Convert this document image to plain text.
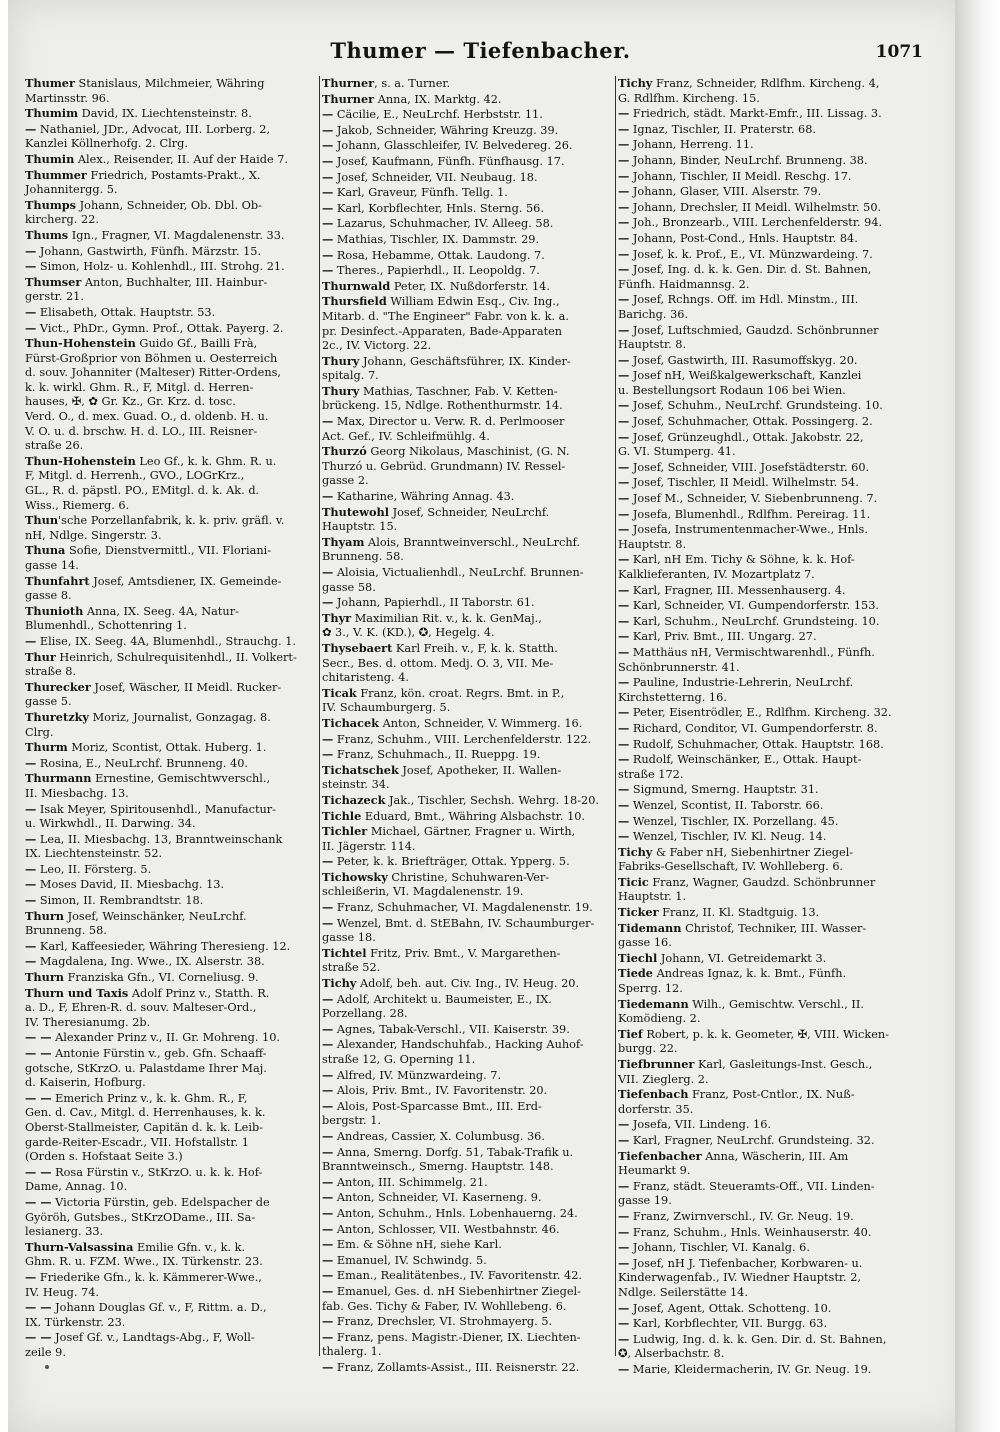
Thumer — Tiefenbacher.	1071
Thumer Stanislaus, Milchmeier, Währing
Martinsstr. 96.
Thumim David, IX. Liechtensteinstr. 8.
— Nathaniel, JDr., Advocat, III. Lorberg. 2,
Kanzlei Köllnerhofg. 2. Clrg.
Thumin Alex., Reisender, II. Auf der Haide 7.
Thummer Friedrich, Postamts-Prakt., X.
Johannitergg. 5.
Thumps Johann, Schneider, Ob. Dbl. Ob-
kircherg. 22.
Thums Ign., Fragner, VI. Magdalenenstr. 33.
— Johann, Gastwirth, Fünfh. Märzstr. 15.
— Simon, Holz- u. Kohlenhdl., III. Strohg. 21.
Thumser Anton, Buchhalter, III. Hainbur-
gerstr. 21.
— Elisabeth, Ottak. Hauptstr. 53.
— Vict., PhDr., Gymn. Prof., Ottak. Payerg. 2.
Thun-Hohenstein Guido Gf., Bailli Frà,
Fürst-Großprior von Böhmen u. Oesterreich
d. souv. Johanniter (Malteser) Ritter-Ordens,
k. k. wirkl. Ghm. R., F, Mitgl. d. Herren-
hauses, ✠, ✿ Gr. Kz., Gr. Krz. d. tosc.
Verd. O., d. mex. Guad. O., d. oldenb. H. u.
V. O. u. d. brschw. H. d. LO., III. Reisner-
straße 26.
Thun-Hohenstein Leo Gf., k. k. Ghm. R. u.
F, Mitgl. d. Herrenh., GVO., LOGrKrz.,
GL., R. d. päpstl. PO., EMitgl. d. k. Ak. d.
Wiss., Riemerg. 6.
Thun'sche Porzellanfabrik, k. k. priv. gräfl. v.
nH, Ndlge. Singerstr. 3.
Thuna Sofie, Dienstvermittl., VII. Floriani-
gasse 14.
Thunfahrt Josef, Amtsdiener, IX. Gemeinde-
gasse 8.
Thunioth Anna, IX. Seeg. 4A, Natur-
Blumenhdl., Schottenring 1.
— Elise, IX. Seeg. 4A, Blumenhdl., Strauchg. 1.
Thur Heinrich, Schulrequisitenhdl., II. Volkert-
straße 8.
Thurecker Josef, Wäscher, II Meidl. Rucker-
gasse 5.
Thuretzky Moriz, Journalist, Gonzagag. 8.
Clrg.
Thurm Moriz, Scontist, Ottak. Huberg. 1.
— Rosina, E., NeuLrchf. Brunneng. 40.
Thurmann Ernestine, Gemischtwverschl.,
II. Miesbachg. 13.
— Isak Meyer, Spiritousenhdl., Manufactur-
u. Wirkwhdl., II. Darwing. 34.
— Lea, II. Miesbachg. 13, Branntweinschank
IX. Liechtensteinstr. 52.
— Leo, II. Försterg. 5.
— Moses David, II. Miesbachg. 13.
— Simon, II. Rembrandtstr. 18.
Thurn Josef, Weinschänker, NeuLrchf.
Brunneng. 58.
— Karl, Kaffeesieder, Währing Theresieng. 12.
— Magdalena, Ing. Wwe., IX. Alserstr. 38.
Thurn Franziska Gfn., VI. Corneliusg. 9.
Thurn und Taxis Adolf Prinz v., Statth. R.
a. D., F, Ehren-R. d. souv. Malteser-Ord.,
IV. Theresianumg. 2b.
— — Alexander Prinz v., II. Gr. Mohreng. 10.
— — Antonie Fürstin v., geb. Gfn. Schaaff-
gotsche, StKrzO. u. Palastdame Ihrer Maj.
d. Kaiserin, Hofburg.
— — Emerich Prinz v., k. k. Ghm. R., F,
Gen. d. Cav., Mitgl. d. Herrenhauses, k. k.
Oberst-Stallmeister, Capitän d. k. k. Leib-
garde-Reiter-Escadr., VII. Hofstallstr. 1
(Orden s. Hofstaat Seite 3.)
— — Rosa Fürstin v., StKrzO. u. k. k. Hof-
Dame, Annag. 10.
— — Victoria Fürstin, geb. Edelspacher de
Györöh, Gutsbes., StKrzODame., III. Sa-
lesianerg. 33.
Thurn-Valsassina Emilie Gfn. v., k. k.
Ghm. R. u. FZM. Wwe., IX. Türkenstr. 23.
— Friederike Gfn., k. k. Kämmerer-Wwe.,
IV. Heug. 74.
— — Johann Douglas Gf. v., F, Rittm. a. D.,
IX. Türkenstr. 23.
— — Josef Gf. v., Landtags-Abg., F, Woll-
zeile 9.
Thurner, s. a. Turner.
Thurner Anna, IX. Marktg. 42.
— Cäcilie, E., NeuLrchf. Herbststr. 11.
— Jakob, Schneider, Währing Kreuzg. 39.
— Johann, Glasschleifer, IV. Belvedereg. 26.
— Josef, Kaufmann, Fünfh. Fünfhausg. 17.
— Josef, Schneider, VII. Neubaug. 18.
— Karl, Graveur, Fünfh. Tellg. 1.
— Karl, Korbflechter, Hnls. Sterng. 56.
— Lazarus, Schuhmacher, IV. Alleeg. 58.
— Mathias, Tischler, IX. Dammstr. 29.
— Rosa, Hebamme, Ottak. Laudong. 7.
— Theres., Papierhdl., II. Leopoldg. 7.
Thurnwald Peter, IX. Nußdorferstr. 14.
Thursfield William Edwin Esq., Civ. Ing.,
Mitarb. d. "The Engineer" Fabr. von k. k. a.
pr. Desinfect.-Apparaten, Bade-Apparaten
2c., IV. Victorg. 22.
Thury Johann, Geschäftsführer, IX. Kinder-
spitalg. 7.
Thury Mathias, Taschner, Fab. V. Ketten-
brückeng. 15, Ndlge. Rothenthurmstr. 14.
— Max, Director u. Verw. R. d. Perlmooser
Act. Gef., IV. Schleifmühlg. 4.
Thurzó Georg Nikolaus, Maschinist, (G. N.
Thurzó u. Gebrüd. Grundmann) IV. Ressel-
gasse 2.
— Katharine, Währing Annag. 43.
Thutewohl Josef, Schneider, NeuLrchf.
Hauptstr. 15.
Thyam Alois, Branntweinverschl., NeuLrchf.
Brunneng. 58.
— Aloisia, Victualienhdl., NeuLrchf. Brunnen-
gasse 58.
— Johann, Papierhdl., II Taborstr. 61.
Thyr Maximilian Rit. v., k. k. GenMaj.,
✿ 3., V. K. (KD.), ✪, Hegelg. 4.
Thysebaert Karl Freih. v., F, k. k. Statth.
Secr., Bes. d. ottom. Medj. O. 3, VII. Me-
chitaristeng. 4.
Ticak Franz, kön. croat. Regrs. Bmt. in P.,
IV. Schaumburgerg. 5.
Tichacek Anton, Schneider, V. Wimmerg. 16.
— Franz, Schuhm., VIII. Lerchenfelderstr. 122.
— Franz, Schuhmach., II. Rueppg. 19.
Tichatschek Josef, Apotheker, II. Wallen-
steinstr. 34.
Tichazeck Jak., Tischler, Sechsh. Wehrg. 18-20.
Tichle Eduard, Bmt., Währing Alsbachstr. 10.
Tichler Michael, Gärtner, Fragner u. Wirth,
II. Jägerstr. 114.
— Peter, k. k. Briefträger, Ottak. Ypperg. 5.
Tichowsky Christine, Schuhwaren-Ver-
schleißerin, VI. Magdalenenstr. 19.
— Franz, Schuhmacher, VI. Magdalenenstr. 19.
— Wenzel, Bmt. d. StEBahn, IV. Schaumburger-
gasse 18.
Tichtel Fritz, Priv. Bmt., V. Margarethen-
straße 52.
Tichy Adolf, beh. aut. Civ. Ing., IV. Heug. 20.
— Adolf, Architekt u. Baumeister, E., IX.
Porzellang. 28.
— Agnes, Tabak-Verschl., VII. Kaiserstr. 39.
— Alexander, Handschuhfab., Hacking Auhof-
straße 12, G. Operning 11.
— Alfred, IV. Münzwardeing. 7.
— Alois, Priv. Bmt., IV. Favoritenstr. 20.
— Alois, Post-Sparcasse Bmt., III. Erd-
bergstr. 1.
— Andreas, Cassier, X. Columbusg. 36.
— Anna, Smerng. Dorfg. 51, Tabak-Trafik u.
Branntweinsch., Smerng. Hauptstr. 148.
— Anton, III. Schimmelg. 21.
— Anton, Schneider, VI. Kaserneng. 9.
— Anton, Schuhm., Hnls. Lobenhauerng. 24.
— Anton, Schlosser, VII. Westbahnstr. 46.
— Em. & Söhne nH, siehe Karl.
— Emanuel, IV. Schwindg. 5.
— Eman., Realitätenbes., IV. Favoritenstr. 42.
— Emanuel, Ges. d. nH Siebenhirtner Ziegel-
fab. Ges. Tichy & Faber, IV. Wohllebeng. 6.
— Franz, Drechsler, VI. Strohmayerg. 5.
— Franz, pens. Magistr.-Diener, IX. Liechten-
thalerg. 1.
— Franz, Zollamts-Assist., III. Reisnerstr. 22.
Tichy Franz, Schneider, Rdlfhm. Kircheng. 4,
G. Rdlfhm. Kircheng. 15.
— Friedrich, städt. Markt-Emfr., III. Lissag. 3.
— Ignaz, Tischler, II. Praterstr. 68.
— Johann, Herreng. 11.
— Johann, Binder, NeuLrchf. Brunneng. 38.
— Johann, Tischler, II Meidl. Reschg. 17.
— Johann, Glaser, VIII. Alserstr. 79.
— Johann, Drechsler, II Meidl. Wilhelmstr. 50.
— Joh., Bronzearb., VIII. Lerchenfelderstr. 94.
— Johann, Post-Cond., Hnls. Hauptstr. 84.
— Josef, k. k. Prof., E., VI. Münzwardeing. 7.
— Josef, Ing. d. k. k. Gen. Dir. d. St. Bahnen,
Fünfh. Haidmannsg. 2.
— Josef, Rchngs. Off. im Hdl. Minstm., III.
Barichg. 36.
— Josef, Luftschmied, Gaudzd. Schönbrunner
Hauptstr. 8.
— Josef, Gastwirth, III. Rasumoffskyg. 20.
— Josef nH, Weißkalgewerkschaft, Kanzlei
u. Bestellungsort Rodaun 106 bei Wien.
— Josef, Schuhm., NeuLrchf. Grundsteing. 10.
— Josef, Schuhmacher, Ottak. Possingerg. 2.
— Josef, Grünzeughdl., Ottak. Jakobstr. 22,
G. VI. Stumperg. 41.
— Josef, Schneider, VIII. Josefstädterstr. 60.
— Josef, Tischler, II Meidl. Wilhelmstr. 54.
— Josef M., Schneider, V. Siebenbrunneng. 7.
— Josefa, Blumenhdl., Rdlfhm. Pereirag. 11.
— Josefa, Instrumentenmacher-Wwe., Hnls.
Hauptstr. 8.
— Karl, nH Em. Tichy & Söhne, k. k. Hof-
Kalklieferanten, IV. Mozartplatz 7.
— Karl, Fragner, III. Messenhauserg. 4.
— Karl, Schneider, VI. Gumpendorferstr. 153.
— Karl, Schuhm., NeuLrchf. Grundsteing. 10.
— Karl, Priv. Bmt., III. Ungarg. 27.
— Matthäus nH, Vermischtwarenhdl., Fünfh.
Schönbrunnerstr. 41.
— Pauline, Industrie-Lehrerin, NeuLrchf.
Kirchstetterng. 16.
— Peter, Eisentrödler, E., Rdlfhm. Kircheng. 32.
— Richard, Conditor, VI. Gumpendorferstr. 8.
— Rudolf, Schuhmacher, Ottak. Hauptstr. 168.
— Rudolf, Weinschänker, E., Ottak. Haupt-
straße 172.
— Sigmund, Smerng. Hauptstr. 31.
— Wenzel, Scontist, II. Taborstr. 66.
— Wenzel, Tischler, IX. Porzellang. 45.
— Wenzel, Tischler, IV. Kl. Neug. 14.
Tichy & Faber nH, Siebenhirtner Ziegel-
Fabriks-Gesellschaft, IV. Wohlleberg. 6.
Ticic Franz, Wagner, Gaudzd. Schönbrunner
Hauptstr. 1.
Ticker Franz, II. Kl. Stadtguig. 13.
Tidemann Christof, Techniker, III. Wasser-
gasse 16.
Tiechl Johann, VI. Getreidemarkt 3.
Tiede Andreas Ignaz, k. k. Bmt., Fünfh.
Sperrg. 12.
Tiedemann Wilh., Gemischtw. Verschl., II.
Komödieng. 2.
Tief Robert, p. k. k. Geometer, ✠, VIII. Wicken-
burgg. 22.
Tiefbrunner Karl, Gasleitungs-Inst. Gesch.,
VII. Zieglerg. 2.
Tiefenbach Franz, Post-Cntlor., IX. Nuß-
dorferstr. 35.
— Josefa, VII. Lindeng. 16.
— Karl, Fragner, NeuLrchf. Grundsteing. 32.
Tiefenbacher Anna, Wäscherin, III. Am
Heumarkt 9.
— Franz, städt. Steueramts-Off., VII. Linden-
gasse 19.
— Franz, Zwirnverschl., IV. Gr. Neug. 19.
— Franz, Schuhm., Hnls. Weinhauserstr. 40.
— Johann, Tischler, VI. Kanalg. 6.
— Josef, nH J. Tiefenbacher, Korbwaren- u.
Kinderwagenfab., IV. Wiedner Hauptstr. 2,
Ndlge. Seilerstätte 14.
— Josef, Agent, Ottak. Schotteng. 10.
— Karl, Korbflechter, VII. Burgg. 63.
— Ludwig, Ing. d. k. k. Gen. Dir. d. St. Bahnen,
✪, Alserbachstr. 8.
— Marie, Kleidermacherin, IV. Gr. Neug. 19.
